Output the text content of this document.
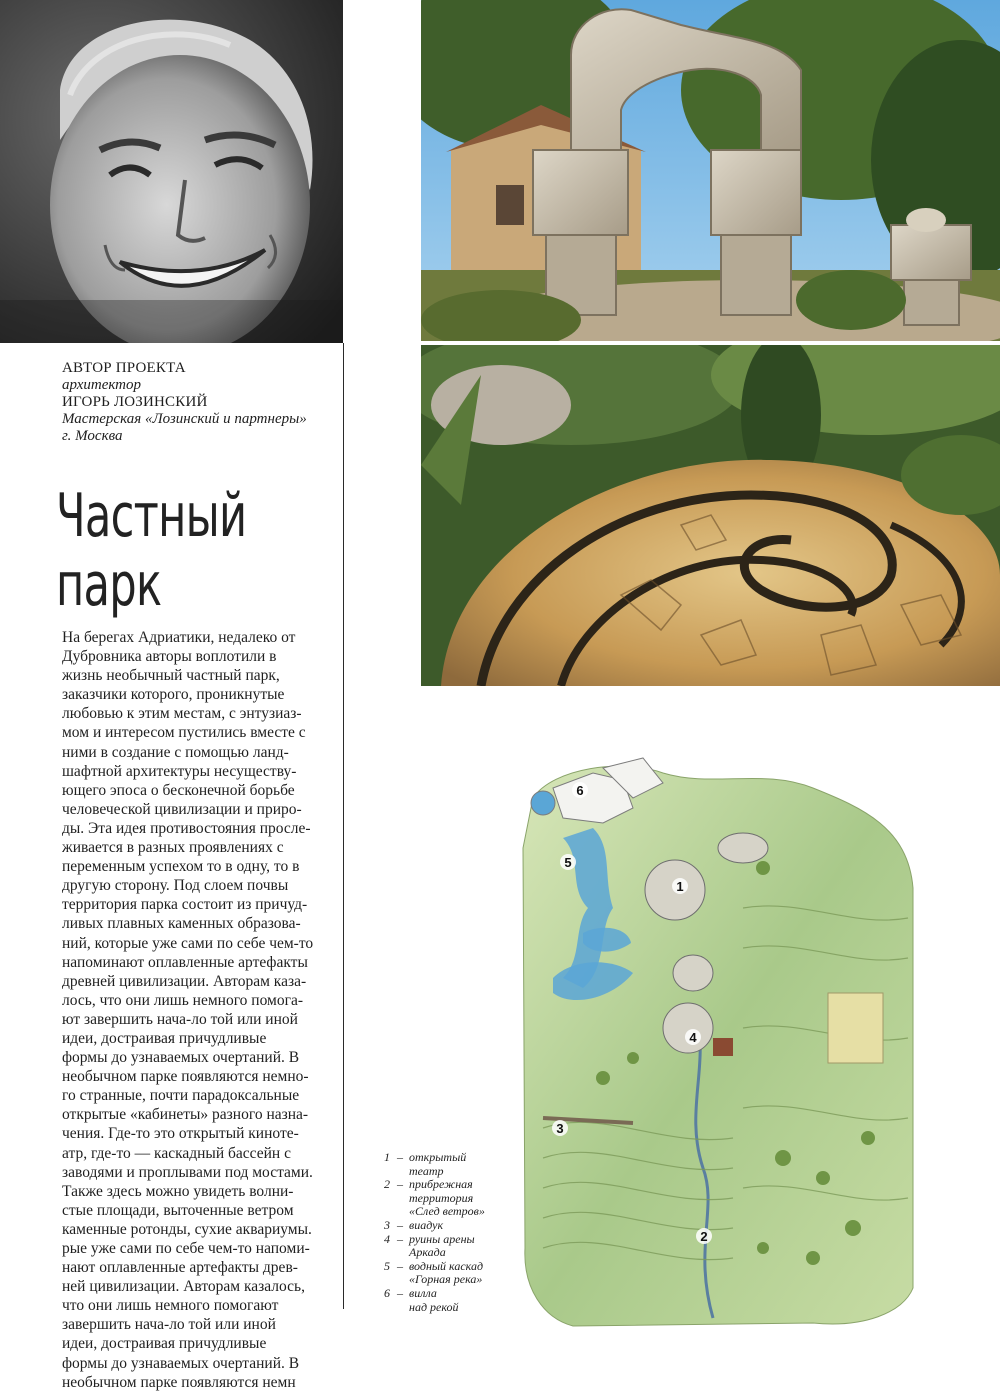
АВТОР ПРОЕКТА
архитектор
ИГОРЬ ЛОЗИНСКИЙ
Мастерская «Лозинский и партнеры»
г. Москва
Частный
парк
На берегах Адриатики, недалеко от
Дубровника авторы воплотили в
жизнь необычный частный парк,
заказчики которого, проникнутые
любовью к этим местам, с энтузиаз-
мом и интересом пустились вместе с
ними в создание с помощью ланд-
шафтной архитектуры несуществу-
ющего эпоса о бесконечной борьбе
человеческой цивилизации и приро-
ды. Эта идея противостояния просле-
живается в разных проявлениях с
переменным успехом то в одну, то в
другую сторону. Под слоем почвы
территория парка состоит из причуд-
ливых плавных каменных образова-
ний, которые уже сами по себе чем-то
напоминают оплавленные артефакты
древней цивилизации. Авторам каза-
лось, что они лишь немного помога-
ют завершить нача-ло той или иной
идеи, достраивая причудливые
формы до узнаваемых очертаний. В
необычном парке появляются немно-
го странные, почти парадоксальные
открытые «кабинеты» разного назна-
чения. Где-то это открытый кинотe-
атр, где-то — каскадный бассейн с
заводями и проплывами под мостами.
Также здесь можно увидеть волни-
стые площади, выточенные ветром
каменные ротонды, сухие аквариумы.
рые уже сами по себе чем-то напоми-
нают оплавленные артефакты древ-
ней цивилизации. Авторам казалось,
что они лишь немного помогают
завершить нача-ло той или иной
идеи, достраивая причудливые
формы до узнаваемых очертаний. В
необычном парке появляются немн
1
2
3
4
5
6
1 – открытый
театр
2 – прибрежная
территория
«След ветров»
3 – виадук
4 – руины арены
Аркада
5 – водный каскад
«Горная река»
6 – вилла
над рекой
